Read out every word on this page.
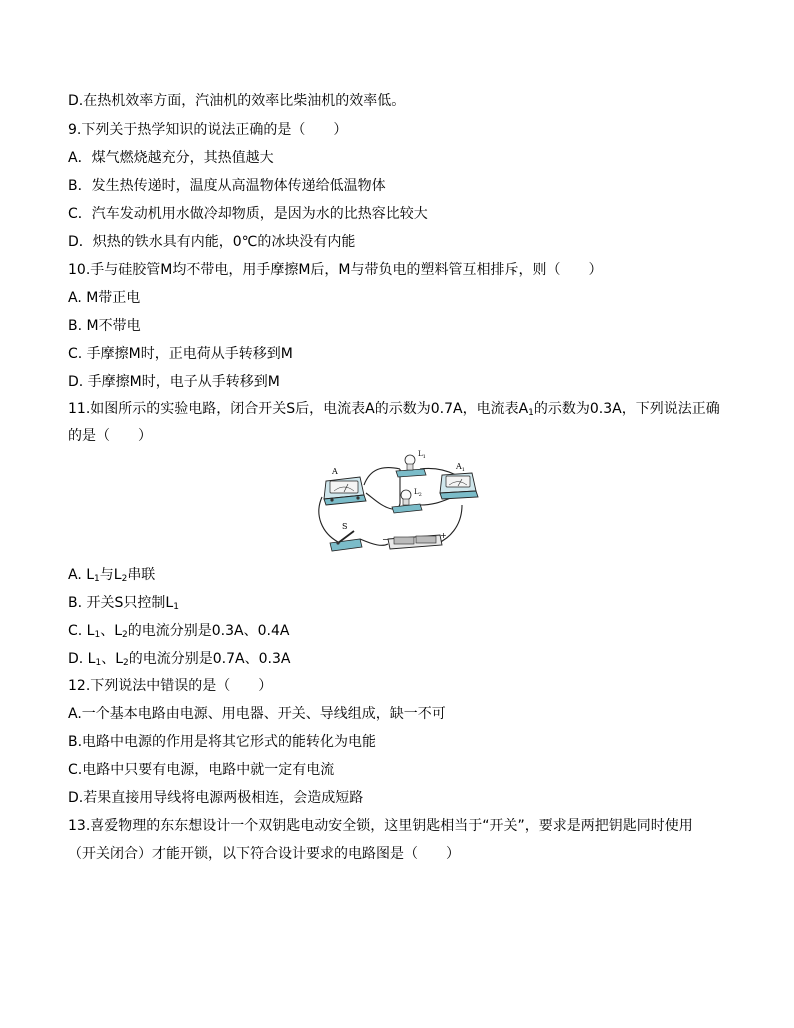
D.在热机效率方面，汽油机的效率比柴油机的效率低。
9.下列关于热学知识的说法正确的是（　　）
A．煤气燃烧越充分，其热值越大
B．发生热传递时，温度从高温物体传递给低温物体
C．汽车发动机用水做冷却物质，是因为水的比热容比较大
D．炽热的铁水具有内能，0℃的冰块没有内能
10.手与硅胶管M均不带电，用手摩擦M后，M与带负电的塑料管互相排斥，则（　　）
A. M带正电
B. M不带电
C. 手摩擦M时，正电荷从手转移到M
D. 手摩擦M时，电子从手转移到M
11.如图所示的实验电路，闭合开关S后，电流表A的示数为0.7A，电流表$A_1$的示数为0.3A，下列说法正确
的是（　　）
A
$A_1$
$L_1$
$L_2$
S
−	+
A. $L_1$与$L_2$串联
B. 开关S只控制$L_1$
C. $L_1$、$L_2$的电流分别是0.3A、0.4A
D. $L_1$、$L_2$的电流分别是0.7A、0.3A
12.下列说法中错误的是（　　）
A.一个基本电路由电源、用电器、开关、导线组成，缺一不可
B.电路中电源的作用是将其它形式的能转化为电能
C.电路中只要有电源，电路中就一定有电流
D.若果直接用导线将电源两极相连，会造成短路
13.喜爱物理的东东想设计一个双钥匙电动安全锁，这里钥匙相当于“开关”，要求是两把钥匙同时使用
（开关闭合）才能开锁，以下符合设计要求的电路图是（　　）
